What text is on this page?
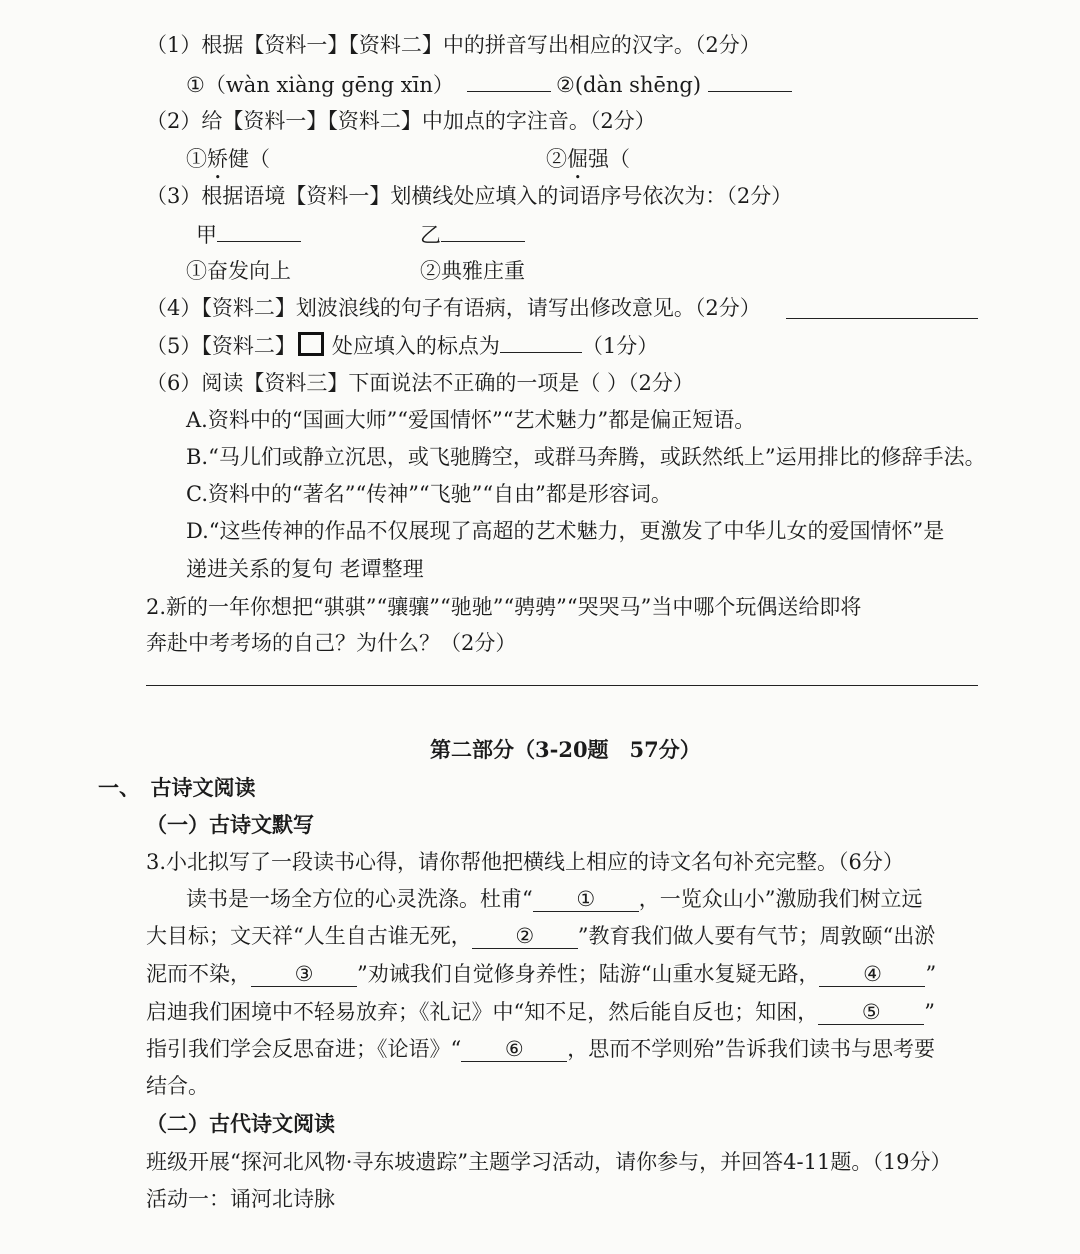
（1）根据【资料一】【资料二】中的拼音写出相应的汉字。（2分）
①（wàn xiàng gēng xīn）	②(dàn shēng)
（2）给【资料一】【资料二】中加点的字注音。（2分）
①矫健（	②倔强（
（3）根据语境【资料一】划横线处应填入的词语序号依次为：（2分）
甲	乙
①奋发向上	②典雅庄重
（4）【资料二】划波浪线的句子有语病，请写出修改意见。（2分）
（5）【资料二】 处应填入的标点为	（1分）
（6）阅读【资料三】下面说法不正确的一项是（ ）（2分）
A.资料中的“国画大师”“爱国情怀”“艺术魅力”都是偏正短语。
B.“马儿们或静立沉思，或飞驰腾空，或群马奔腾，或跃然纸上”运用排比的修辞手法。
C.资料中的“著名”“传神”“飞驰”“自由”都是形容词。
D.“这些传神的作品不仅展现了高超的艺术魅力，更激发了中华儿女的爱国情怀”是
递进关系的复句 老谭整理
2.新的一年你想把“骐骐”“骧骧”“驰驰”“骋骋”“哭哭马”当中哪个玩偶送给即将
奔赴中考考场的自己？为什么？（2分）
第二部分（3-20题　57分）
一、　古诗文阅读
（一）古诗文默写
3.小北拟写了一段读书心得，请你帮他把横线上相应的诗文名句补充完整。（6分）
读书是一场全方位的心灵洗涤。杜甫“ ① ，一览众山小”激励我们树立远
大目标；文天祥“人生自古谁无死， ② ”教育我们做人要有气节；周敦颐“出淤
泥而不染， ③ ”劝诫我们自觉修身养性；陆游“山重水复疑无路， ④ ”
启迪我们困境中不轻易放弃；《礼记》中“知不足，然后能自反也；知困， ⑤ ”
指引我们学会反思奋进；《论语》“ ⑥ ，思而不学则殆”告诉我们读书与思考要
结合。
（二）古代诗文阅读
班级开展“探河北风物·寻东坡遗踪”主题学习活动，请你参与，并回答4-11题。（19分）
活动一：诵河北诗脉
